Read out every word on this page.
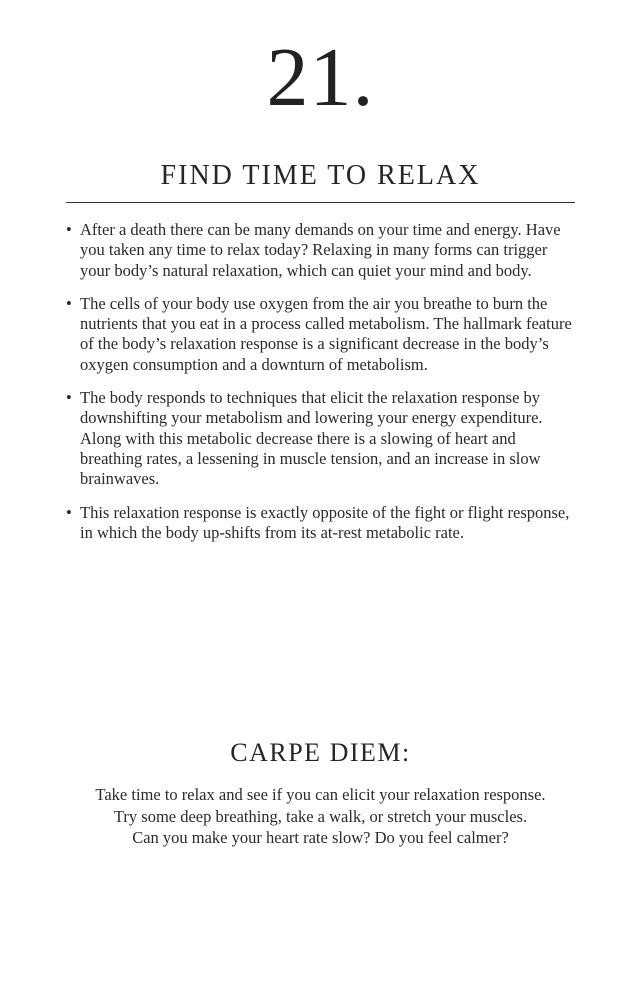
21.
FIND TIME TO RELAX
• After a death there can be many demands on your time and energy. Have you taken any time to relax today? Relaxing in many forms can trigger your body’s natural relaxation, which can quiet your mind and body.
• The cells of your body use oxygen from the air you breathe to burn the nutrients that you eat in a process called metabolism. The hallmark feature of the body’s relaxation response is a significant decrease in the body’s oxygen consumption and a downturn of metabolism.
• The body responds to techniques that elicit the relaxation response by downshifting your metabolism and lowering your energy expenditure. Along with this metabolic decrease there is a slowing of heart and breathing rates, a lessening in muscle tension, and an increase in slow brainwaves.
• This relaxation response is exactly opposite of the fight or flight response, in which the body up-shifts from its at-rest metabolic rate.
CARPE DIEM:
Take time to relax and see if you can elicit your relaxation response.
Try some deep breathing, take a walk, or stretch your muscles.
Can you make your heart rate slow? Do you feel calmer?
